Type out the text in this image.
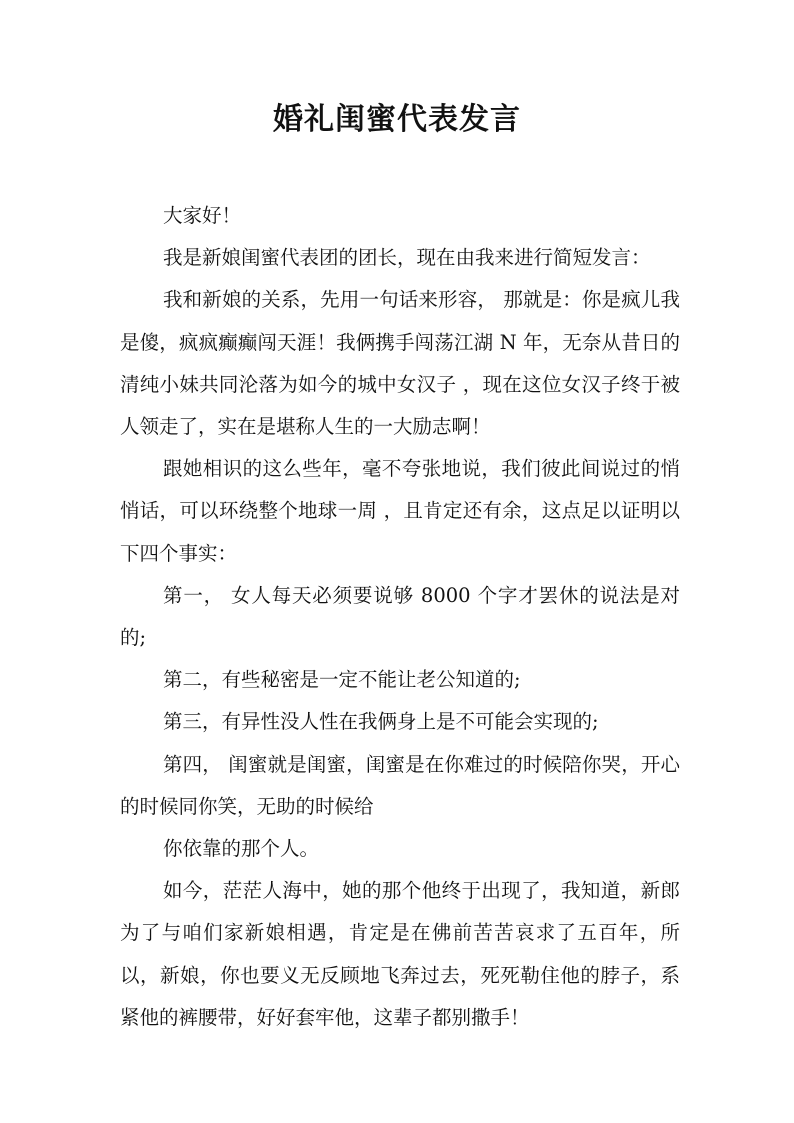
婚礼闺蜜代表发言

大家好！

我是新娘闺蜜代表团的团长，现在由我来进行简短发言：

我和新娘的关系，先用一句话来形容， 那就是：你是疯儿我是傻，疯疯癫癫闯天涯！我俩携手闯荡江湖 N 年，无奈从昔日的清纯小妹共同沦落为如今的城中女汉子 ，现在这位女汉子终于被人领走了，实在是堪称人生的一大励志啊！

跟她相识的这么些年，毫不夸张地说，我们彼此间说过的悄悄话，可以环绕整个地球一周 ，且肯定还有余，这点足以证明以下四个事实：

第一， 女人每天必须要说够 8000 个字才罢休的说法是对的;

第二，有些秘密是一定不能让老公知道的;

第三，有异性没人性在我俩身上是不可能会实现的;

第四， 闺蜜就是闺蜜，闺蜜是在你难过的时候陪你哭，开心的时候同你笑，无助的时候给

你依靠的那个人。

如今，茫茫人海中，她的那个他终于出现了，我知道，新郎为了与咱们家新娘相遇，肯定是在佛前苦苦哀求了五百年，所以，新娘，你也要义无反顾地飞奔过去，死死勒住他的脖子，系紧他的裤腰带，好好套牢他，这辈子都别撒手！
